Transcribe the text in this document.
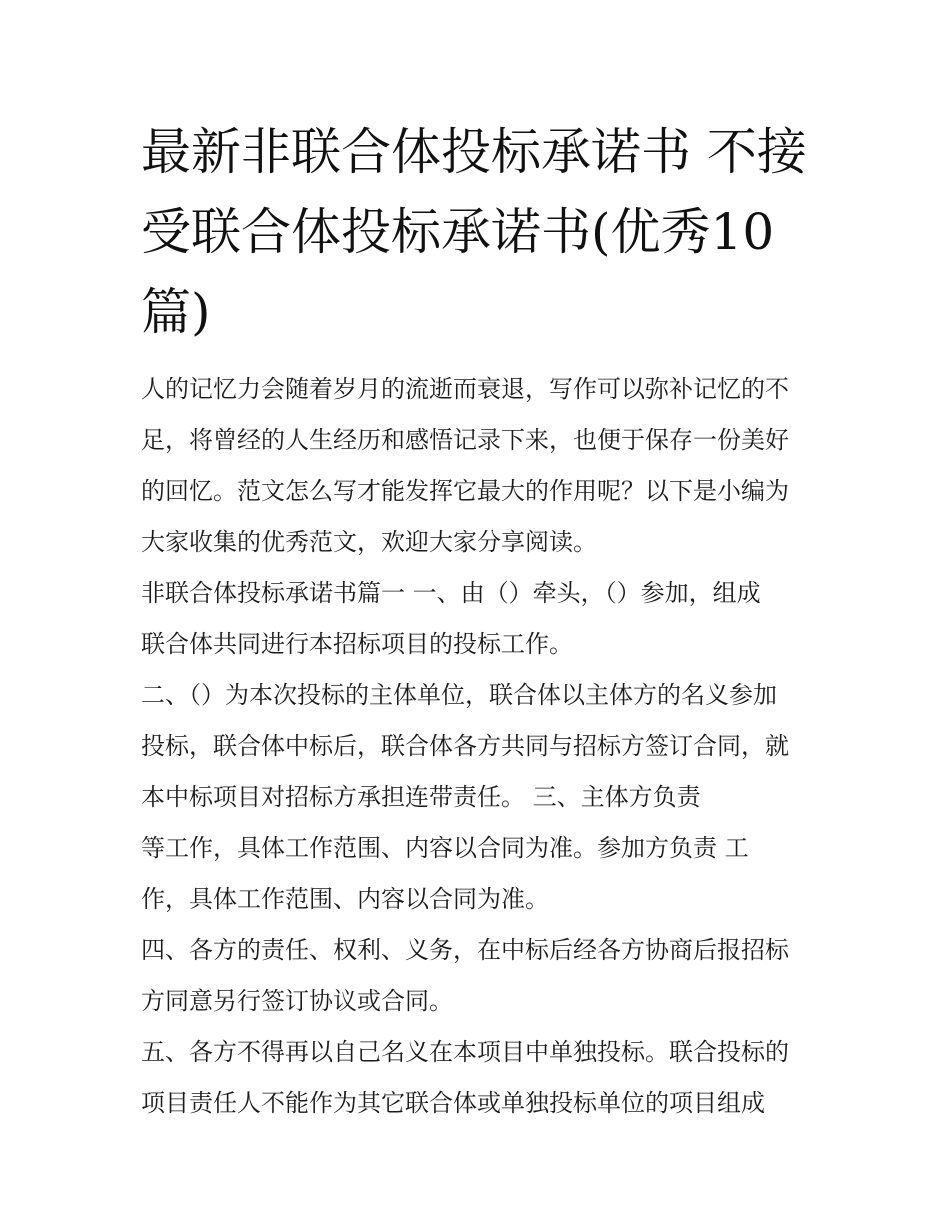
最新非联合体投标承诺书 不接
受联合体投标承诺书(优秀10
篇)

人的记忆力会随着岁月的流逝而衰退，写作可以弥补记忆的不
足，将曾经的人生经历和感悟记录下来，也便于保存一份美好
的回忆。范文怎么写才能发挥它最大的作用呢？以下是小编为
大家收集的优秀范文，欢迎大家分享阅读。

非联合体投标承诺书篇一 一、由（）牵头，（）参加，组成
联合体共同进行本招标项目的投标工作。

二、（）为本次投标的主体单位，联合体以主体方的名义参加
投标，联合体中标后，联合体各方共同与招标方签订合同，就
本中标项目对招标方承担连带责任。 三、主体方负责
等工作，具体工作范围、内容以合同为准。参加方负责 工
作，具体工作范围、内容以合同为准。

四、各方的责任、权利、义务，在中标后经各方协商后报招标
方同意另行签订协议或合同。

五、各方不得再以自己名义在本项目中单独投标。联合投标的
项目责任人不能作为其它联合体或单独投标单位的项目组成
